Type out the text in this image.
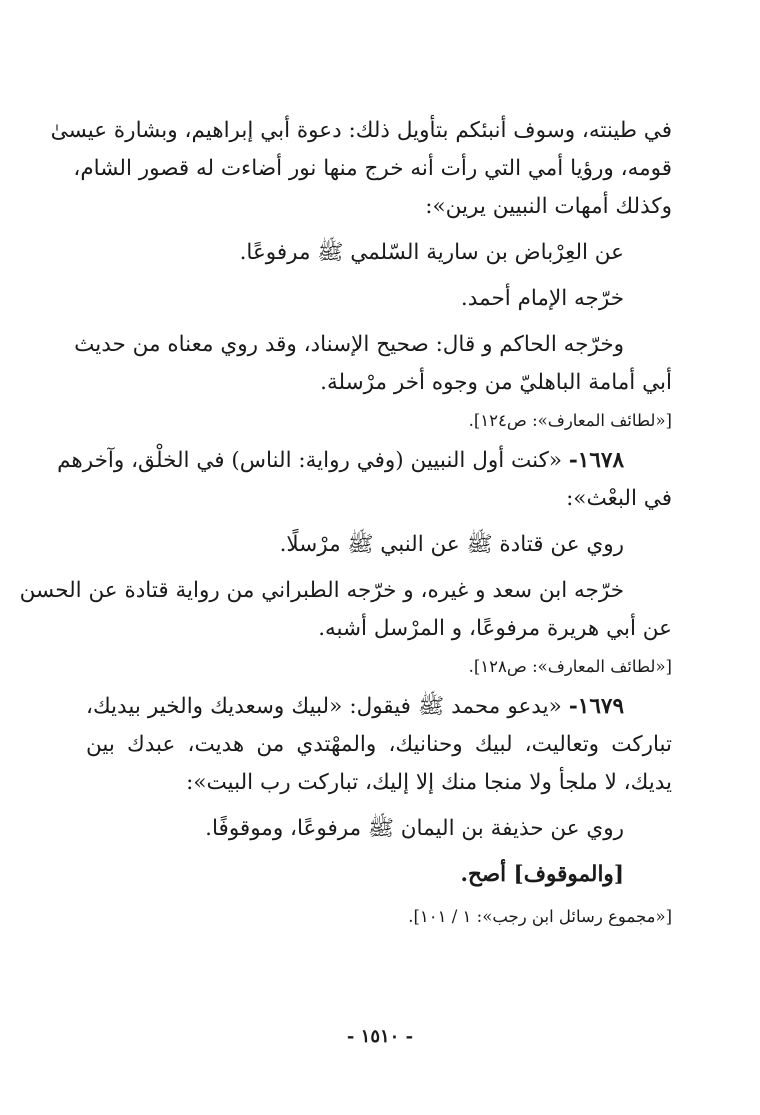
في طينته، وسوف أنبئكم بتأويل ذلك: دعوة أبي إبراهيم، وبشارة عيسىٰ
قومه، ورؤيا أمي التي رأت أنه خرج منها نور أضاءت له قصور الشام،
وكذلك أمهات النبيين يرين»:
عن العِرْباض بن سارية السّلمي ﷺ مرفوعًا.
خرّجه الإمام أحمد.
وخرّجه الحاكم و قال: صحيح الإسناد، وقد روي معناه من حديث
أبي أمامة الباهليّ من وجوه أخر مرْسلة.
[«لطائف المعارف»: ص١٢٤].
١٦٧٨- «كنت أول النبيين (وفي رواية: الناس) في الخلْق، وآخرهم
في البعْث»:
روي عن قتادة ﷺ عن النبي ﷺ مرْسلًا.
خرّجه ابن سعد و غيره، و خرّجه الطبراني من رواية قتادة عن الحسن
عن أبي هريرة مرفوعًا، و المرْسل أشبه.
[«لطائف المعارف»: ص١٢٨].
١٦٧٩- «يدعو محمد ﷺ فيقول: «لبيك وسعديك والخير بيديك،
تباركت وتعاليت، لبيك وحنانيك، والمهْتدي من هديت، عبدك بين
يديك، لا ملجأ ولا منجا منك إلا إليك، تباركت رب البيت»:
روي عن حذيفة بن اليمان ﷺ مرفوعًا، وموقوفًا.
[والموقوف] أصح.
[«مجموع رسائل ابن رجب»: ١ / ١٠١].
- ١٥١٠ -
